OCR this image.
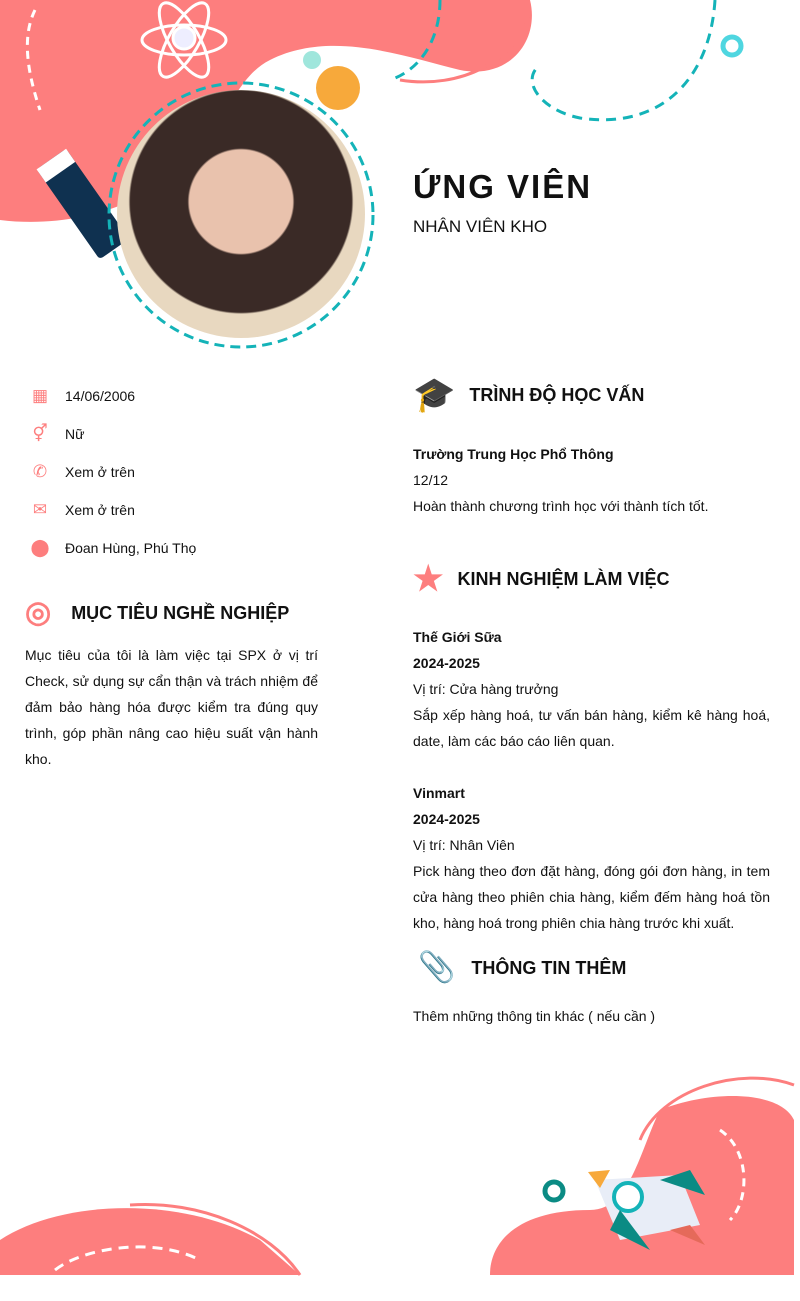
ỨNG VIÊN
NHÂN VIÊN KHO
▦ 14/06/2006
⚥ Nữ
✆ Xem ở trên
✉ Xem ở trên
⬤ Đoan Hùng, Phú Thọ
◎ MỤC TIÊU NGHỀ NGHIỆP
Mục tiêu của tôi là làm việc tại SPX ở vị trí Check, sử dụng sự cẩn thận và trách nhiệm để đảm bảo hàng hóa được kiểm tra đúng quy trình, góp phần nâng cao hiệu suất vận hành kho.
🎓 TRÌNH ĐỘ HỌC VẤN
Trường Trung Học Phổ Thông
12/12
Hoàn thành chương trình học với thành tích tốt.
★ KINH NGHIỆM LÀM VIỆC
Thế Giới Sữa
2024-2025
Vị trí: Cửa hàng trưởng
Sắp xếp hàng hoá, tư vấn bán hàng, kiểm kê hàng hoá, date, làm các báo cáo liên quan.
Vinmart
2024-2025
Vị trí: Nhân Viên
Pick hàng theo đơn đặt hàng, đóng gói đơn hàng, in tem cửa hàng theo phiên chia hàng, kiểm đếm hàng hoá tồn kho, hàng hoá trong phiên chia hàng trước khi xuất.
📎 THÔNG TIN THÊM
Thêm những thông tin khác ( nếu cần )
